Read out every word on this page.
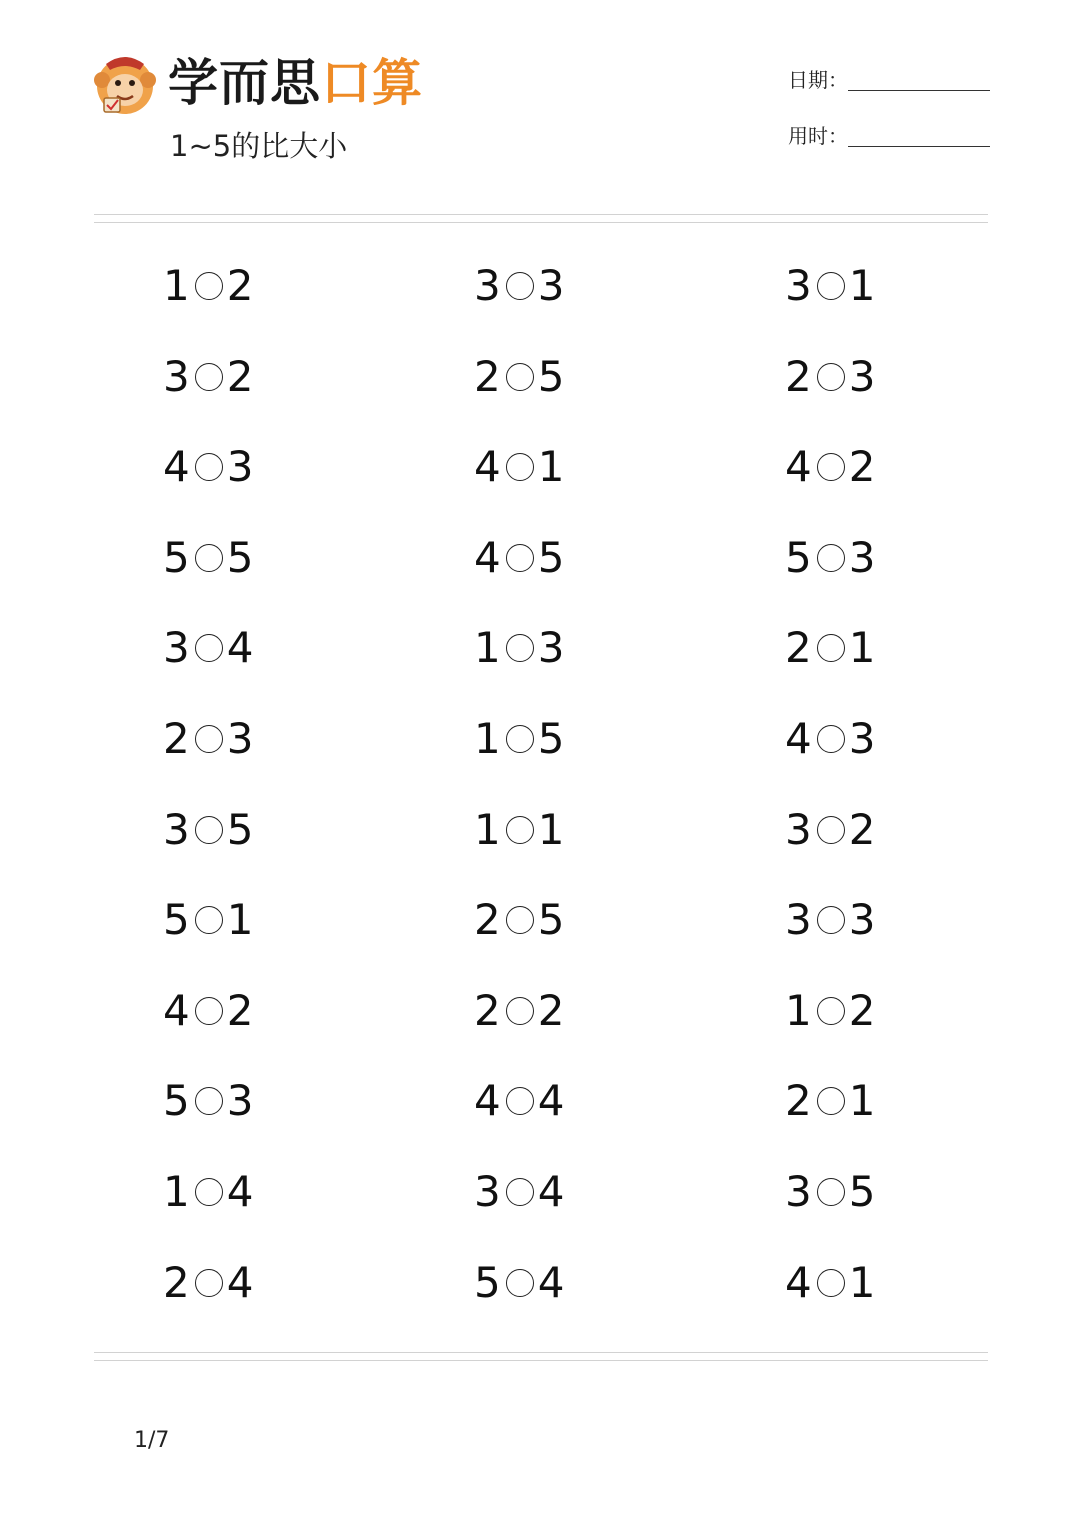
学而思口算
1~5的比大小
日期：
用时：
1 2
3 2
4 3
5 5
3 4
2 3
3 5
5 1
4 2
5 3
1 4
2 4
3 3
2 5
4 1
4 5
1 3
1 5
1 1
2 5
2 2
4 4
3 4
5 4
3 1
2 3
4 2
5 3
2 1
4 3
3 2
3 3
1 2
2 1
3 5
4 1
1/7
